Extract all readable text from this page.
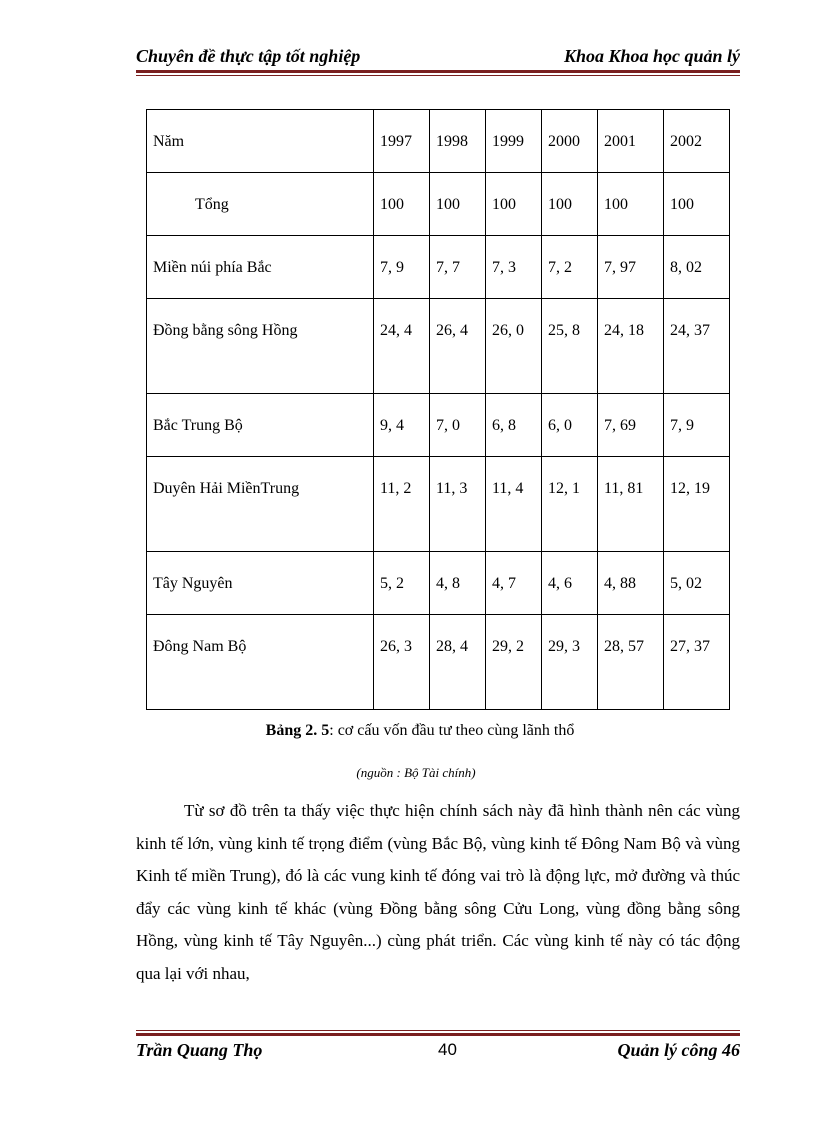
Chuyên đề thực tập tốt nghiệp	Khoa Khoa học quản lý
Năm	1997	1998	1999	2000	2001	2002

Tổng	100	100	100	100	100	100

Miền núi phía Bắc	7, 9	7, 7	7, 3	7, 2	7, 97	8, 02

Đồng bằng sông Hồng	24, 4	26, 4	26, 0	25, 8	24, 18	24, 37

Bắc Trung Bộ	9, 4	7, 0	6, 8	6, 0	7, 69	7, 9

Duyên Hải MiềnTrung	11, 2	11, 3	11, 4	12, 1	11, 81	12, 19

Tây Nguyên	5, 2	4, 8	4, 7	4, 6	4, 88	5, 02

Đông Nam Bộ	26, 3	28, 4	29, 2	29, 3	28, 57	27, 37
Bảng 2. 5: cơ cấu vốn đầu tư theo cùng lãnh thổ
(nguồn : Bộ Tài chính)

Từ sơ đồ trên ta thấy việc thực hiện chính sách này đã hình thành nên các vùng kinh tế lớn, vùng kinh tế trọng điểm (vùng Bắc Bộ, vùng kinh tế Đông Nam Bộ và vùng Kinh tế miền Trung), đó là các vung kinh tế đóng vai trò là động lực, mở đường và thúc đẩy các vùng kinh tế khác (vùng Đồng bằng sông Cửu Long, vùng đồng bằng sông Hồng, vùng kinh tế Tây Nguyên...) cùng phát triển. Các vùng kinh tế này có tác động qua lại với nhau,

Trần Quang Thọ	40	Quản lý công 46
